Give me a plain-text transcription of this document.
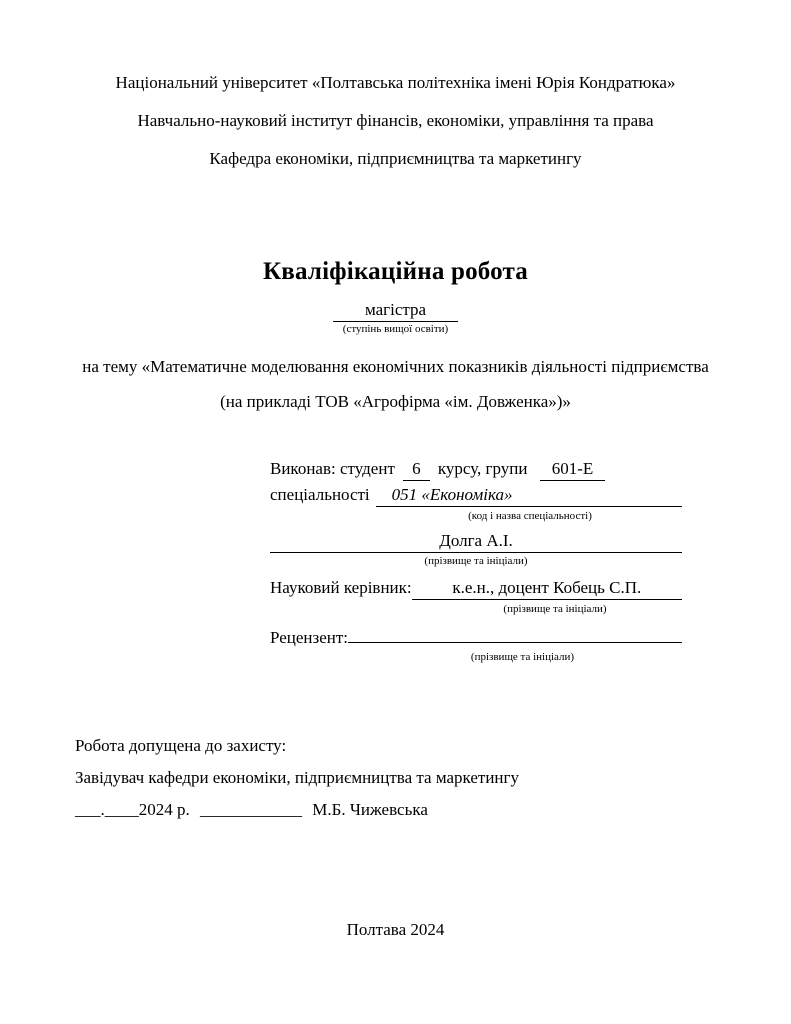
Національний університет «Полтавська політехніка імені Юрія Кондратюка»
Навчально-науковий інститут фінансів, економіки, управління та права
Кафедра економіки, підприємництва та маркетингу
Кваліфікаційна робота
магістра
(ступінь вищої освіти)
на тему «Математичне моделювання економічних показників діяльності підприємства
(на прикладі ТОВ «Агрофірма «ім. Довженка»)»
Виконав: студент 6 курсу, групи 601-Е
спеціальності	051 «Економіка»
(код і назва спеціальності)
Долга А.І.
(прізвище та ініціали)
Науковий керівник:	к.е.н., доцент Кобець С.П.
(прізвище та ініціали)
Рецензент:
(прізвище та ініціали)
Робота допущена до захисту:
Завідувач кафедри економіки, підприємництва та маркетингу
___.____2024 р. ____________ М.Б. Чижевська
Полтава 2024
